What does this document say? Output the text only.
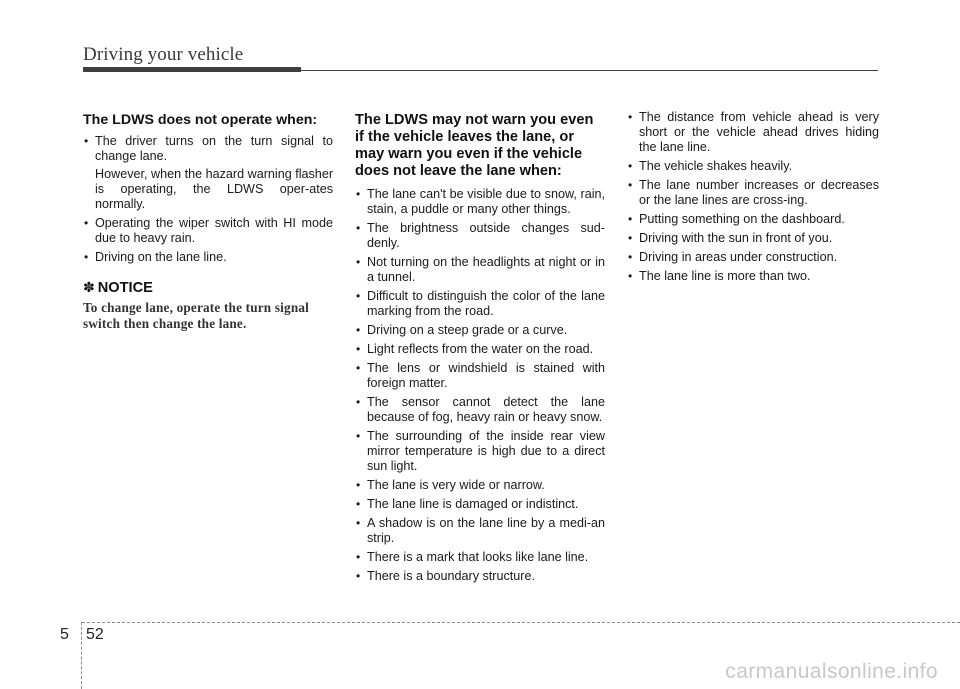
Driving your vehicle
The LDWS does not operate when:
• The driver turns on the turn signal to change lane.
However, when the hazard warning flasher is operating, the LDWS oper-ates normally.
• Operating the wiper switch with HI mode due to heavy rain.
• Driving on the lane line.
✽ NOTICE
To change lane, operate the turn signal switch then change the lane.
The LDWS may not warn you even if the vehicle leaves the lane, or may warn you even if the vehicle does not leave the lane when:
• The lane can't be visible due to snow, rain, stain, a puddle or many other things.
• The brightness outside changes sud-denly.
• Not turning on the headlights at night or in a tunnel.
• Difficult to distinguish the color of the lane marking from the road.
• Driving on a steep grade or a curve.
• Light reflects from the water on the road.
• The lens or windshield is stained with foreign matter.
• The sensor cannot detect the lane because of fog, heavy rain or heavy snow.
• The surrounding of the inside rear view mirror temperature is high due to a direct sun light.
• The lane is very wide or narrow.
• The lane line is damaged or indistinct.
• A shadow is on the lane line by a medi-an strip.
• There is a mark that looks like lane line.
• There is a boundary structure.
• The distance from vehicle ahead is very short or the vehicle ahead drives hiding the lane line.
• The vehicle shakes heavily.
• The lane number increases or decreases or the lane lines are cross-ing.
• Putting something on the dashboard.
• Driving with the sun in front of you.
• Driving in areas under construction.
• The lane line is more than two.
5 52
carmanualsonline.info
